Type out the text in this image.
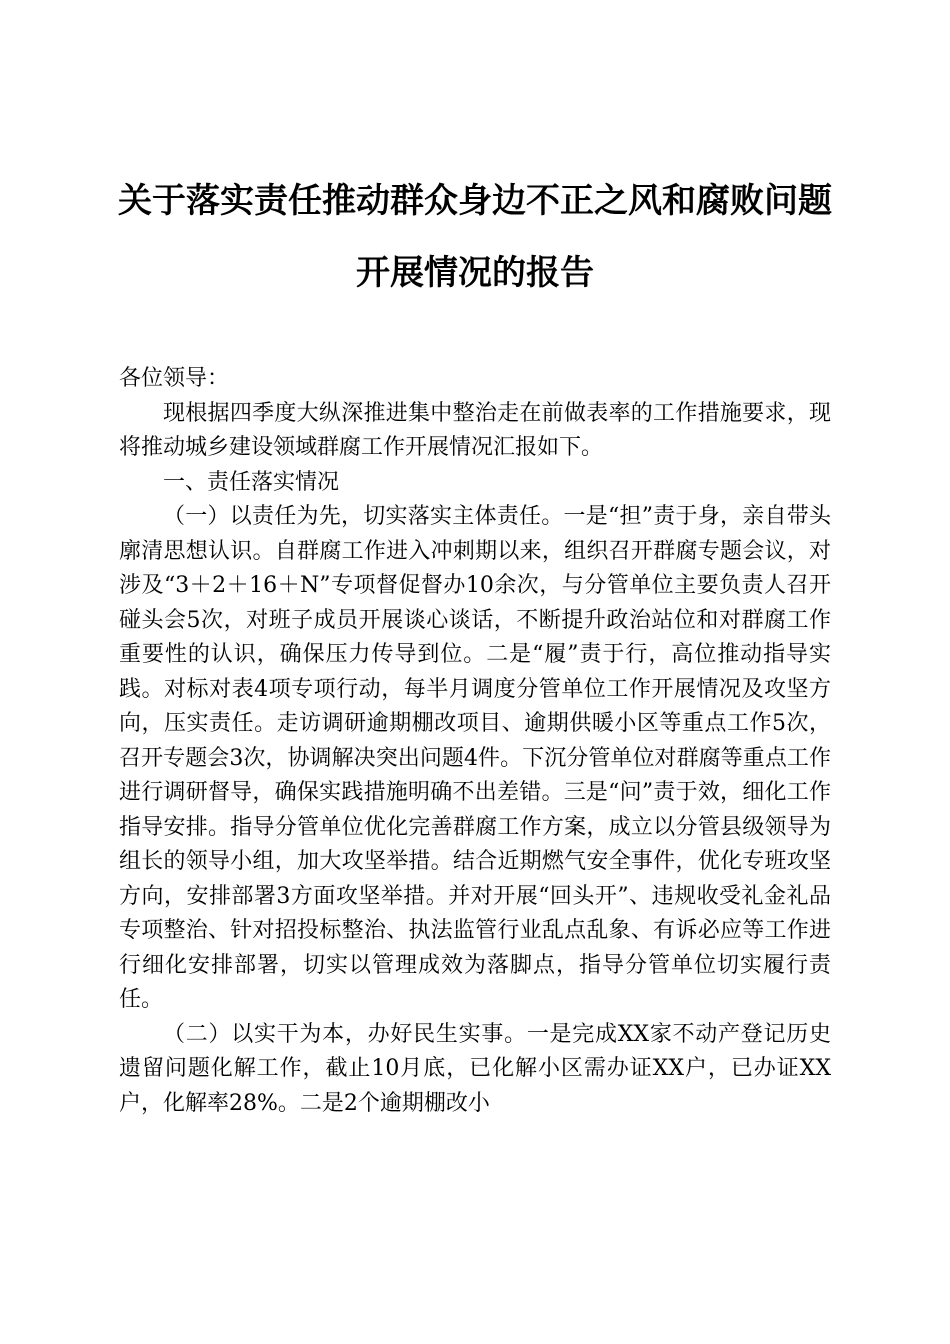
关于落实责任推动群众身边不正之风和腐败问题开展情况的报告

各位领导：

现根据四季度大纵深推进集中整治走在前做表率的工作措施要求，现将推动城乡建设领域群腐工作开展情况汇报如下。

一、责任落实情况

（一）以责任为先，切实落实主体责任。一是“担”责于身，亲自带头廓清思想认识。自群腐工作进入冲刺期以来，组织召开群腐专题会议，对涉及“3＋2＋16＋N”专项督促督办10余次，与分管单位主要负责人召开碰头会5次，对班子成员开展谈心谈话，不断提升政治站位和对群腐工作重要性的认识，确保压力传导到位。二是“履”责于行，高位推动指导实践。对标对表4项专项行动，每半月调度分管单位工作开展情况及攻坚方向，压实责任。走访调研逾期棚改项目、逾期供暖小区等重点工作5次，召开专题会3次，协调解决突出问题4件。下沉分管单位对群腐等重点工作进行调研督导，确保实践措施明确不出差错。三是“问”责于效，细化工作指导安排。指导分管单位优化完善群腐工作方案，成立以分管县级领导为组长的领导小组，加大攻坚举措。结合近期燃气安全事件，优化专班攻坚方向，安排部署3方面攻坚举措。并对开展“回头开”、违规收受礼金礼品专项整治、针对招投标整治、执法监管行业乱点乱象、有诉必应等工作进行细化安排部署，切实以管理成效为落脚点，指导分管单位切实履行责任。

（二）以实干为本，办好民生实事。一是完成XX家不动产登记历史遗留问题化解工作，截止10月底，已化解小区需办证XX户，已办证XX户，化解率28%。二是2个逾期棚改小
